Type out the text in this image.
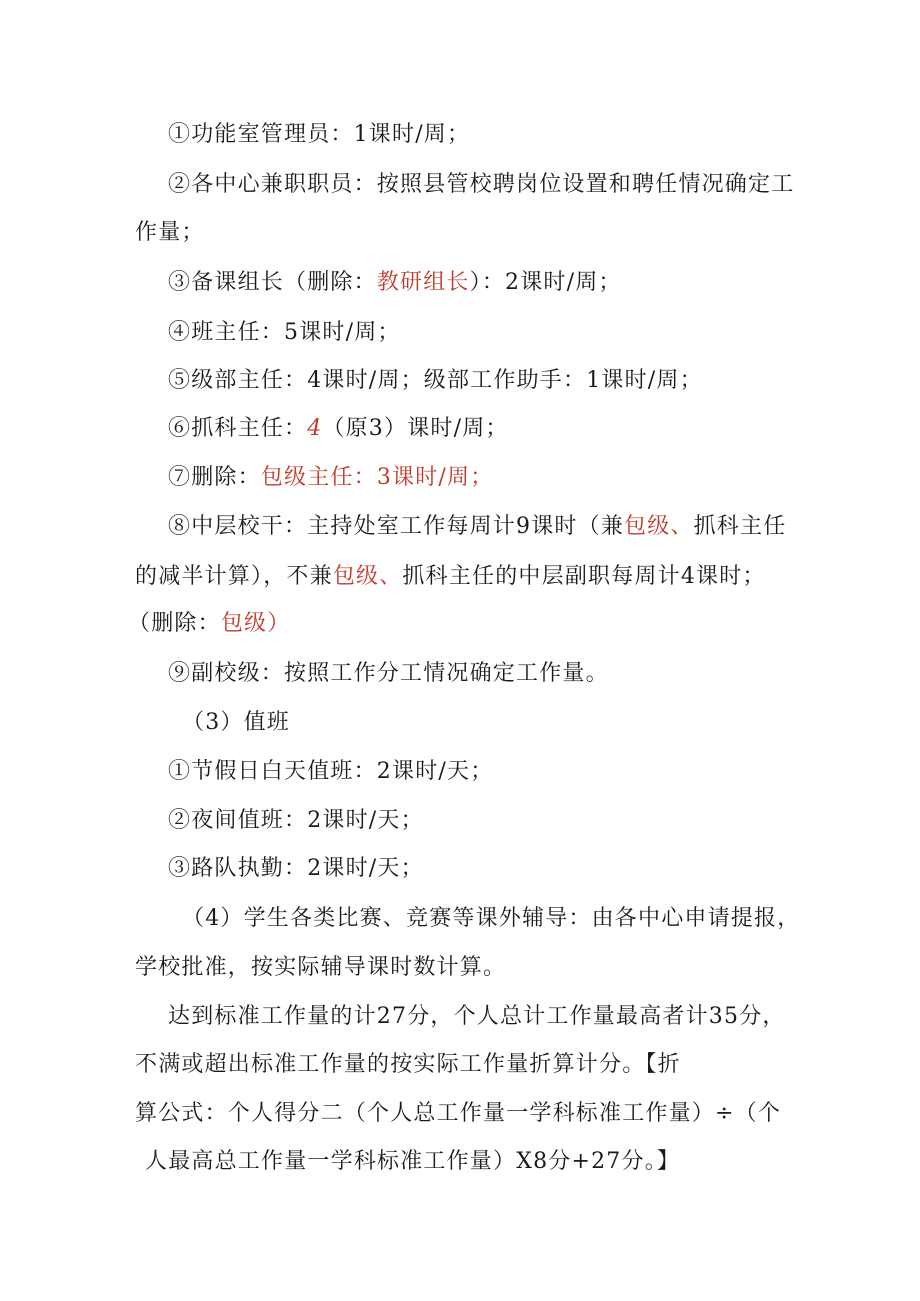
①功能室管理员：1课时/周；
②各中心兼职职员：按照县管校聘岗位设置和聘任情况确定工
作量；
③备课组长（删除：教研组长）：2课时/周；
④班主任：5课时/周；
⑤级部主任：4课时/周；级部工作助手：1课时/周；
⑥抓科主任：4（原3）课时/周；
⑦删除：包级主任：3课时/周；
⑧中层校干：主持处室工作每周计9课时（兼包级、抓科主任
的减半计算），不兼包级、抓科主任的中层副职每周计4课时；
（删除：包级）
⑨副校级：按照工作分工情况确定工作量。
（3）值班
①节假日白天值班：2课时/天；
②夜间值班：2课时/天；
③路队执勤：2课时/天；
（4）学生各类比赛、竞赛等课外辅导：由各中心申请提报，
学校批准，按实际辅导课时数计算。
达到标准工作量的计27分，个人总计工作量最高者计35分，
不满或超出标准工作量的按实际工作量折算计分。【折
算公式：个人得分二（个人总工作量一学科标准工作量）÷（个
人最高总工作量一学科标准工作量）X8分+27分。】
